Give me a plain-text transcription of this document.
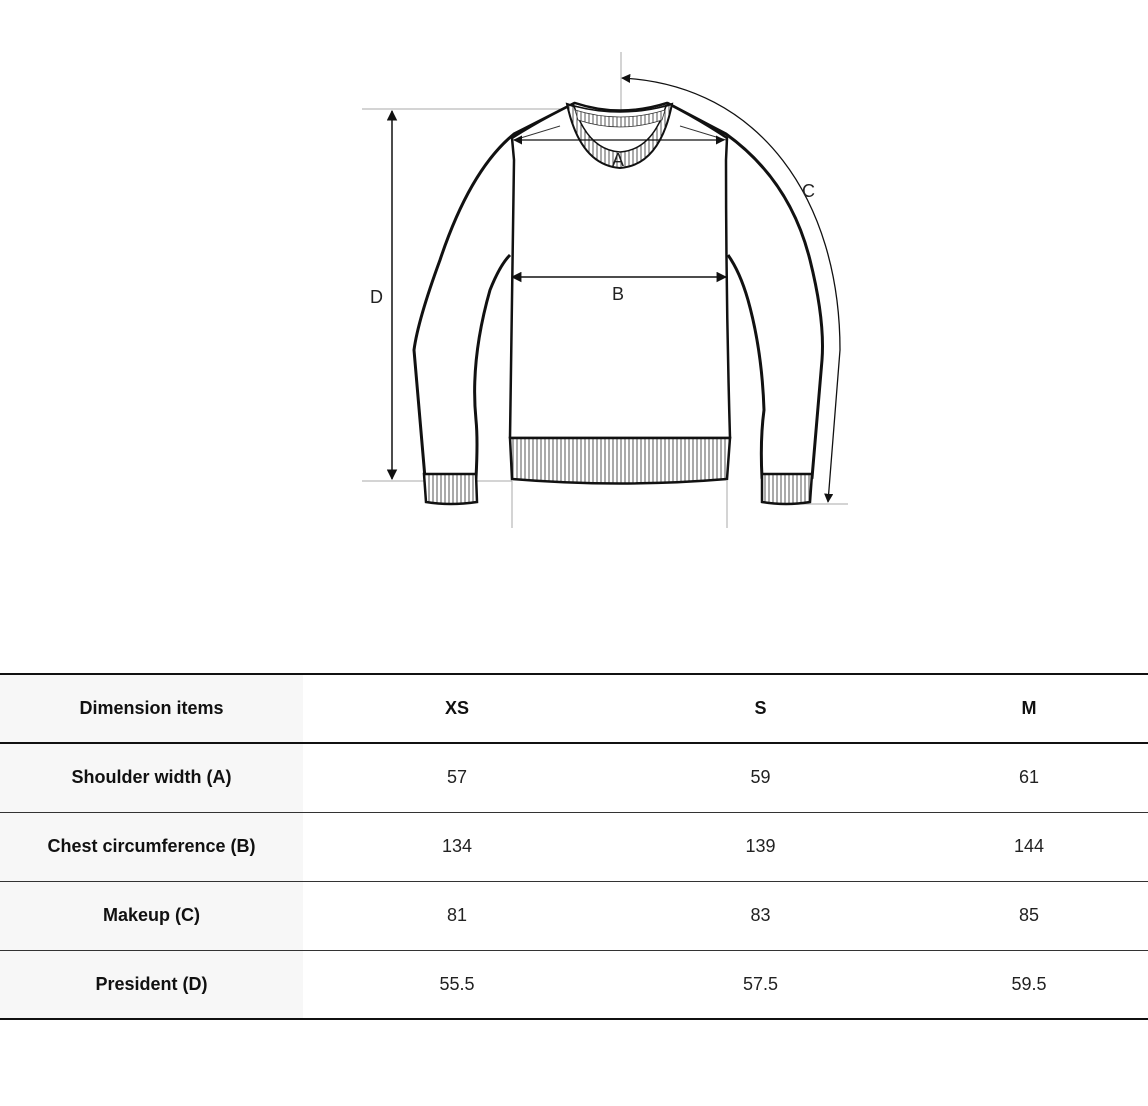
A
B
C
D
Dimension items	XS	S	M
Shoulder width (A)	57	59	61
Chest circumference (B)	134	139	144
Makeup (C)	81	83	85
President (D)	55.5	57.5	59.5
